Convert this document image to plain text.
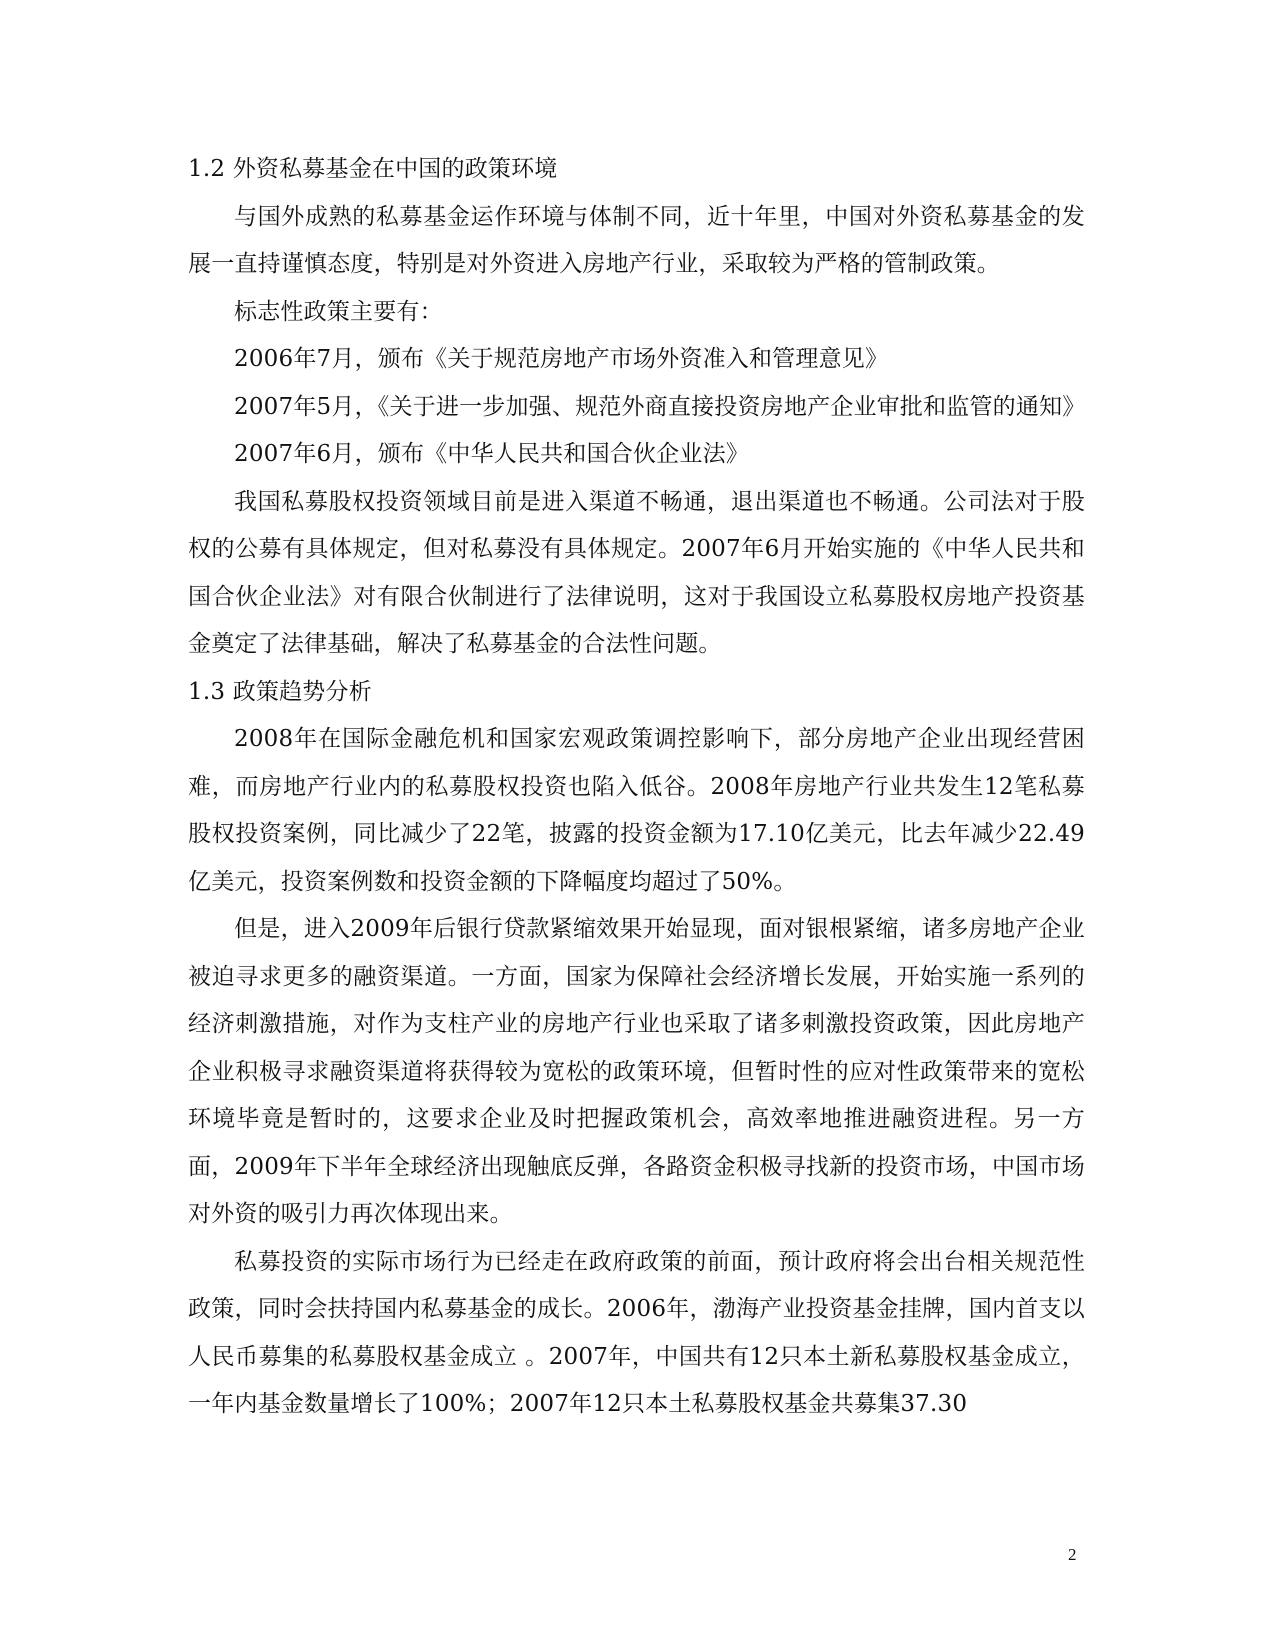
1.2 外资私募基金在中国的政策环境

与国外成熟的私募基金运作环境与体制不同，近十年里，中国对外资私募基金的发展一直持谨慎态度，特别是对外资进入房地产行业，采取较为严格的管制政策。

标志性政策主要有：

2006年7月，颁布《关于规范房地产市场外资准入和管理意见》

2007年5月，《关于进一步加强、规范外商直接投资房地产企业审批和监管的通知》

2007年6月，颁布《中华人民共和国合伙企业法》

我国私募股权投资领域目前是进入渠道不畅通，退出渠道也不畅通。公司法对于股权的公募有具体规定，但对私募没有具体规定。2007年6月开始实施的《中华人民共和国合伙企业法》对有限合伙制进行了法律说明，这对于我国设立私募股权房地产投资基金奠定了法律基础，解决了私募基金的合法性问题。

1.3 政策趋势分析

2008年在国际金融危机和国家宏观政策调控影响下，部分房地产企业出现经营困难，而房地产行业内的私募股权投资也陷入低谷。2008年房地产行业共发生12笔私募股权投资案例，同比减少了22笔，披露的投资金额为17.10亿美元，比去年减少22.49亿美元，投资案例数和投资金额的下降幅度均超过了50%。

但是，进入2009年后银行贷款紧缩效果开始显现，面对银根紧缩，诸多房地产企业被迫寻求更多的融资渠道。一方面，国家为保障社会经济增长发展，开始实施一系列的经济刺激措施，对作为支柱产业的房地产行业也采取了诸多刺激投资政策，因此房地产企业积极寻求融资渠道将获得较为宽松的政策环境，但暂时性的应对性政策带来的宽松环境毕竟是暂时的，这要求企业及时把握政策机会，高效率地推进融资进程。另一方面，2009年下半年全球经济出现触底反弹，各路资金积极寻找新的投资市场，中国市场对外资的吸引力再次体现出来。

私募投资的实际市场行为已经走在政府政策的前面，预计政府将会出台相关规范性政策，同时会扶持国内私募基金的成长。2006年，渤海产业投资基金挂牌，国内首支以人民币募集的私募股权基金成立 。2007年，中国共有12只本土新私募股权基金成立，一年内基金数量增长了100%；2007年12只本土私募股权基金共募集37.30

2
